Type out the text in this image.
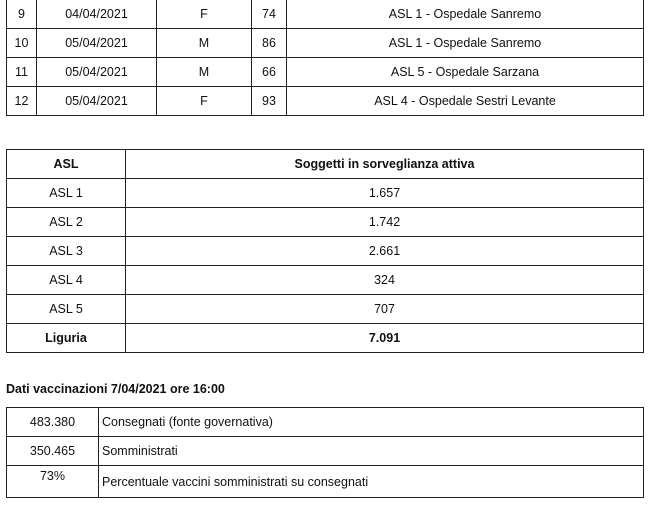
9	04/04/2021	F	74	ASL 1 - Ospedale Sanremo
10	05/04/2021	M	86	ASL 1 - Ospedale Sanremo
11	05/04/2021	M	66	ASL 5 - Ospedale Sarzana
12	05/04/2021	F	93	ASL 4 - Ospedale Sestri Levante
ASL	Soggetti in sorveglianza attiva
ASL 1	1.657
ASL 2	1.742
ASL 3	2.661
ASL 4	324
ASL 5	707
Liguria	7.091
Dati vaccinazioni 7/04/2021 ore 16:00
483.380	Consegnati (fonte governativa)
350.465	Somministrati
73%	Percentuale vaccini somministrati su consegnati
